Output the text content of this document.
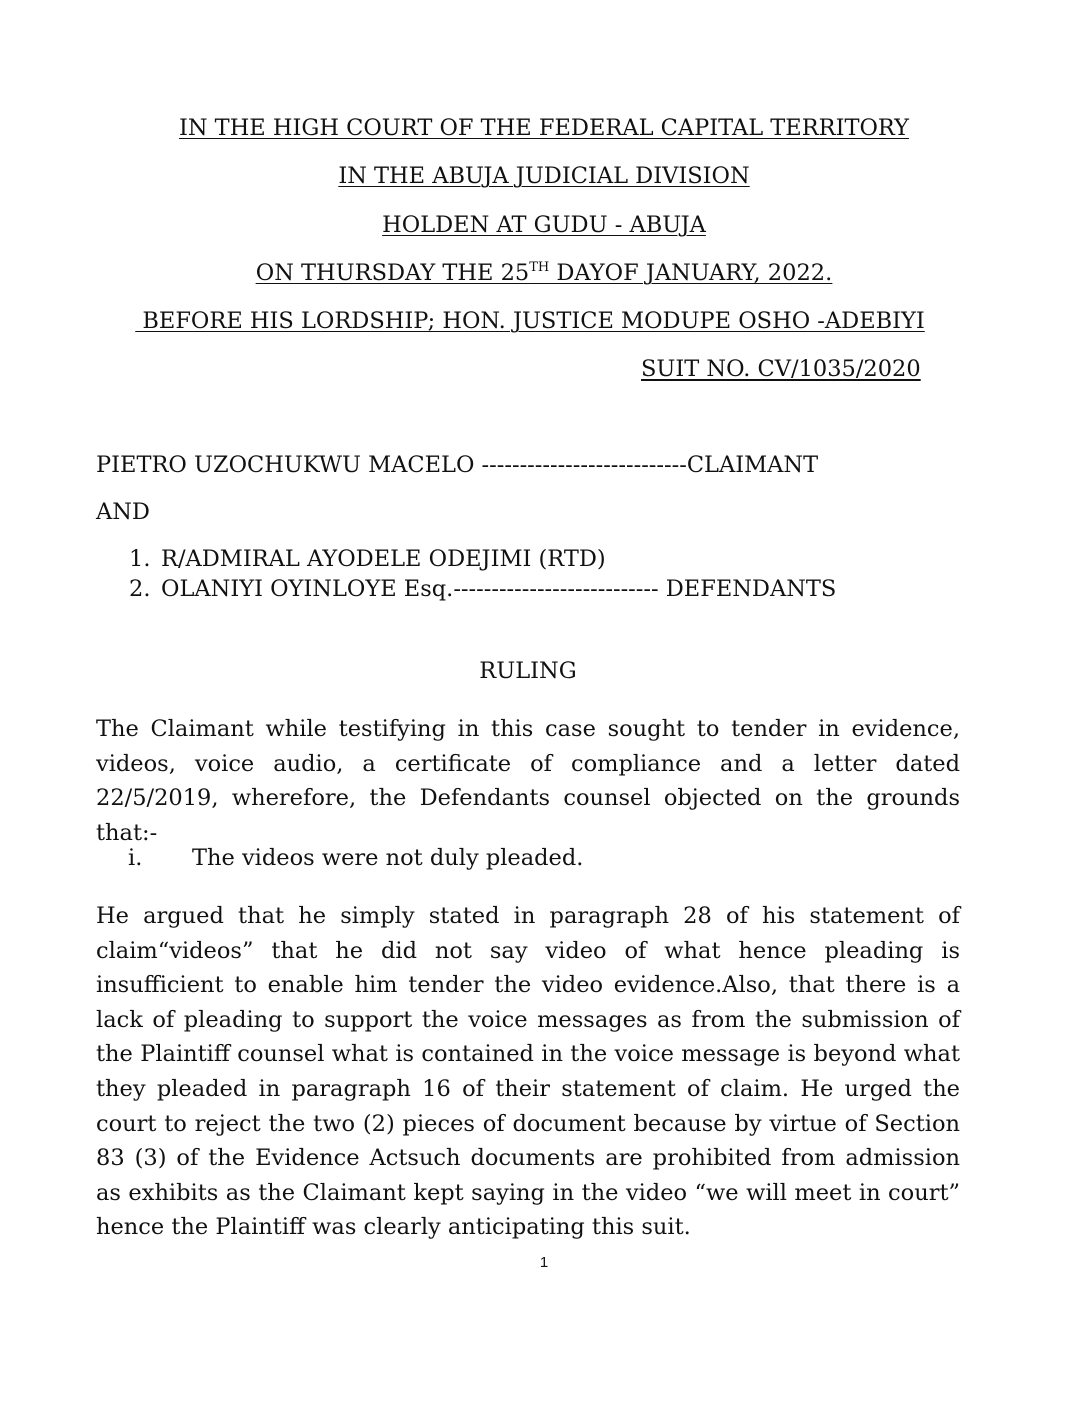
IN THE HIGH COURT OF THE FEDERAL CAPITAL TERRITORY
IN THE ABUJA JUDICIAL DIVISION
HOLDEN AT GUDU - ABUJA
ON THURSDAY THE 25TH DAYOF JANUARY, 2022.
BEFORE HIS LORDSHIP; HON. JUSTICE MODUPE OSHO -ADEBIYI
SUIT NO. CV/1035/2020
PIETRO UZOCHUKWU MACELO ---------------------------CLAIMANT
AND
1. R/ADMIRAL AYODELE ODEJIMI (RTD)
2. OLANIYI OYINLOYE Esq.--------------------------- DEFENDANTS
RULING
The Claimant while testifying in this case sought to tender in evidence, videos, voice audio, a certificate of compliance and a letter dated 22/5/2019, wherefore, the Defendants counsel objected on the grounds that:-
i. The videos were not duly pleaded.
He argued that he simply stated in paragraph 28 of his statement of claim“videos” that he did not say video of what hence pleading is insufficient to enable him tender the video evidence.Also, that there is a lack of pleading to support the voice messages as from the submission of the Plaintiff counsel what is contained in the voice message is beyond what they pleaded in paragraph 16 of their statement of claim. He urged the court to reject the two (2) pieces of document because by virtue of Section 83 (3) of the Evidence Actsuch documents are prohibited from admission as exhibits as the Claimant kept saying in the video “we will meet in court” hence the Plaintiff was clearly anticipating this suit.
1
